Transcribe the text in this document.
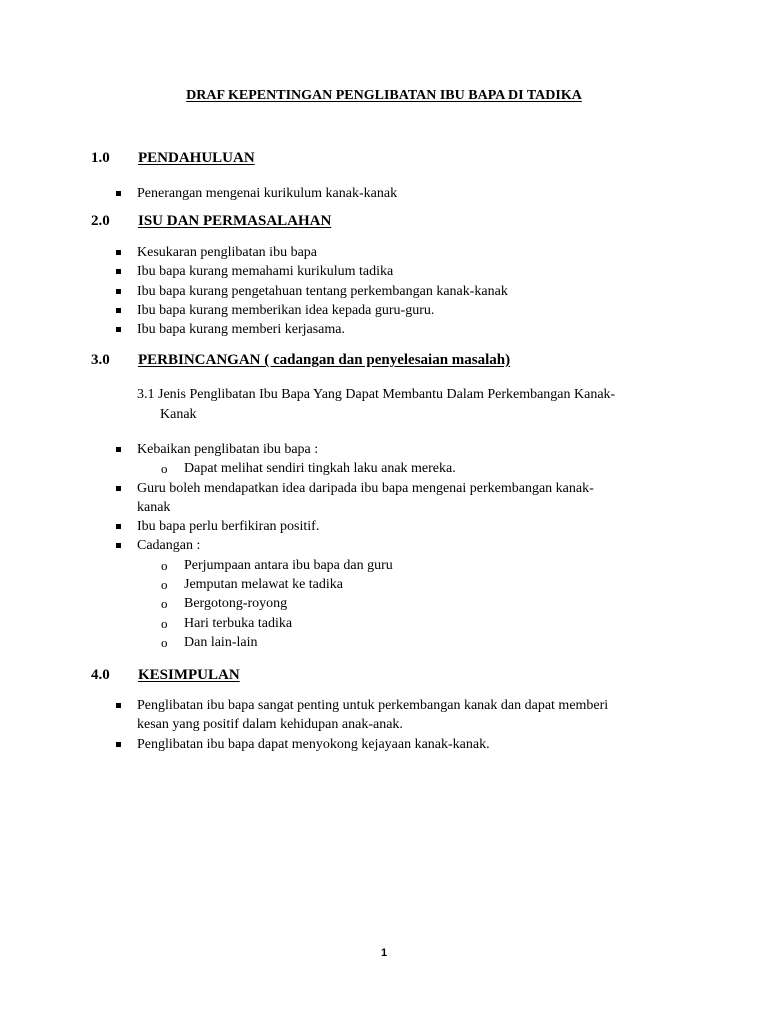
DRAF KEPENTINGAN PENGLIBATAN IBU BAPA DI TADIKA
1.0 PENDAHULUAN
Penerangan mengenai kurikulum kanak-kanak
2.0 ISU DAN PERMASALAHAN
Kesukaran penglibatan ibu bapa
Ibu bapa kurang memahami kurikulum tadika
Ibu bapa kurang pengetahuan tentang perkembangan kanak-kanak
Ibu bapa kurang memberikan idea kepada guru-guru.
Ibu bapa kurang memberi kerjasama.
3.0 PERBINCANGAN ( cadangan dan penyelesaian masalah)
3.1 Jenis Penglibatan Ibu Bapa Yang Dapat Membantu Dalam Perkembangan Kanak-
Kanak
Kebaikan penglibatan ibu bapa :
o Dapat melihat sendiri tingkah laku anak mereka.
Guru boleh mendapatkan idea daripada ibu bapa mengenai perkembangan kanak-
kanak
Ibu bapa perlu berfikiran positif.
Cadangan :
o Perjumpaan antara ibu bapa dan guru
o Jemputan melawat ke tadika
o Bergotong-royong
o Hari terbuka tadika
o Dan lain-lain
4.0 KESIMPULAN
Penglibatan ibu bapa sangat penting untuk perkembangan kanak dan dapat memberi
kesan yang positif dalam kehidupan anak-anak.
Penglibatan ibu bapa dapat menyokong kejayaan kanak-kanak.
1
